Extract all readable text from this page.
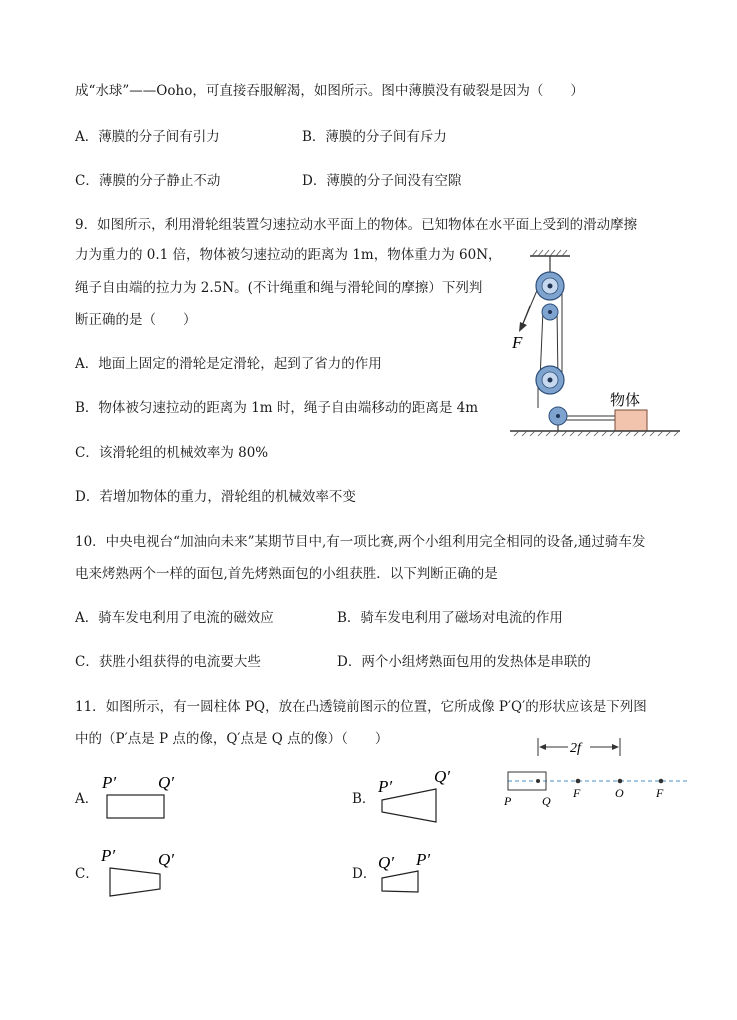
成“水球”——Ooho，可直接吞服解渴，如图所示。图中薄膜没有破裂是因为（　　）
A．薄膜的分子间有引力	B．薄膜的分子间有斥力
C．薄膜的分子静止不动	D．薄膜的分子间没有空隙
9．如图所示，利用滑轮组装置匀速拉动水平面上的物体。已知物体在水平面上受到的滑动摩擦
力为重力的 0.1 倍，物体被匀速拉动的距离为 1m，物体重力为 60N，
绳子自由端的拉力为 2.5N。(不计绳重和绳与滑轮间的摩擦）下列判
断正确的是（　　）
A．地面上固定的滑轮是定滑轮，起到了省力的作用
B．物体被匀速拉动的距离为 1m 时，绳子自由端移动的距离是 4m
C．该滑轮组的机械效率为 80%
D．若增加物体的重力，滑轮组的机械效率不变
F
物体
10．中央电视台“加油向未来”某期节目中,有一项比赛,两个小组利用完全相同的设备,通过骑车发
电来烤熟两个一样的面包,首先烤熟面包的小组获胜．以下判断正确的是
A．骑车发电利用了电流的磁效应	B．骑车发电利用了磁场对电流的作用
C．获胜小组获得的电流要大些	D．两个小组烤熟面包用的发热体是串联的
11．如图所示，有一圆柱体 PQ，放在凸透镜前图示的位置，它所成像 P′Q′的形状应该是下列图
中的（P′点是 P 点的像，Q′点是 Q 点的像）（　　）
2f
P	Q
F	O	F
A．
P′ Q′
B．
P′
Q′
C．
P′	Q′
D．
Q′ P′
